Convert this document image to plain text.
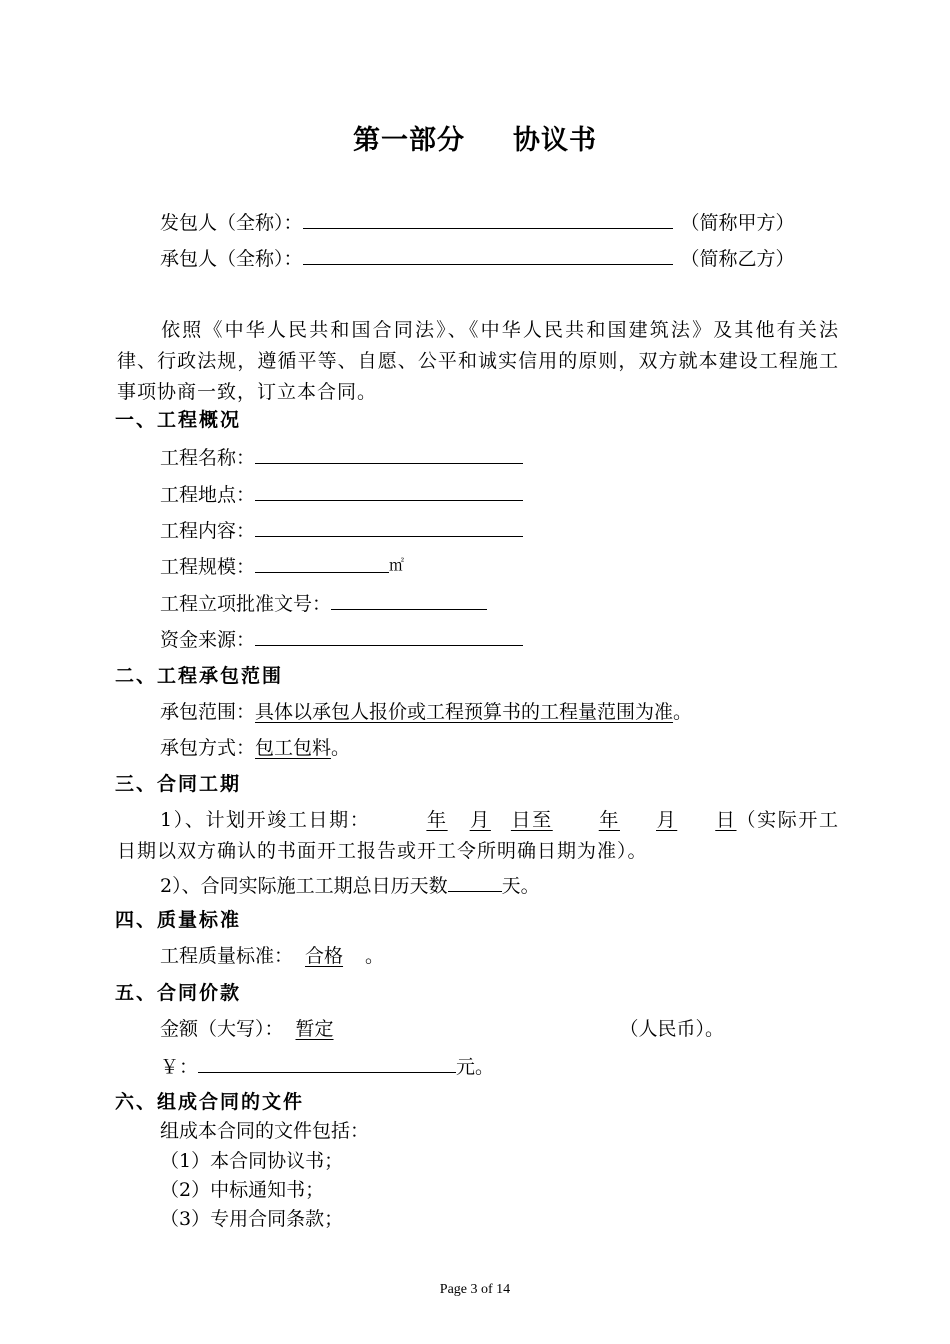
第一部分 协议书
发包人（全称）：	（简称甲方）
承包人（全称）：	（简称乙方）
依照《中华人民共和国合同法》、《中华人民共和国建筑法》及其他有关法律、行政法规，遵循平等、自愿、公平和诚实信用的原则，双方就本建设工程施工事项协商一致，订立本合同。
一、工程概况
工程名称：
工程地点：
工程内容：
工程规模：	㎡
工程立项批准文号：
资金来源：
二、工程承包范围
承包范围：具体以承包人报价或工程预算书的工程量范围为准。
承包方式：包工包料。
三、合同工期
1）、计划开竣工日期：	年 月 日至 年 月 日（实际开工日期以双方确认的书面开工报告或开工令所明确日期为准）。
2）、合同实际施工工期总日历天数	天。
四、质量标准
工程质量标准： 合格 。
五、合同价款
金额（大写）： 暂定	（人民币）。
￥：	元。
六、组成合同的文件
组成本合同的文件包括：
（1）本合同协议书；
（2）中标通知书；
（3）专用合同条款；
Page 3 of 14
